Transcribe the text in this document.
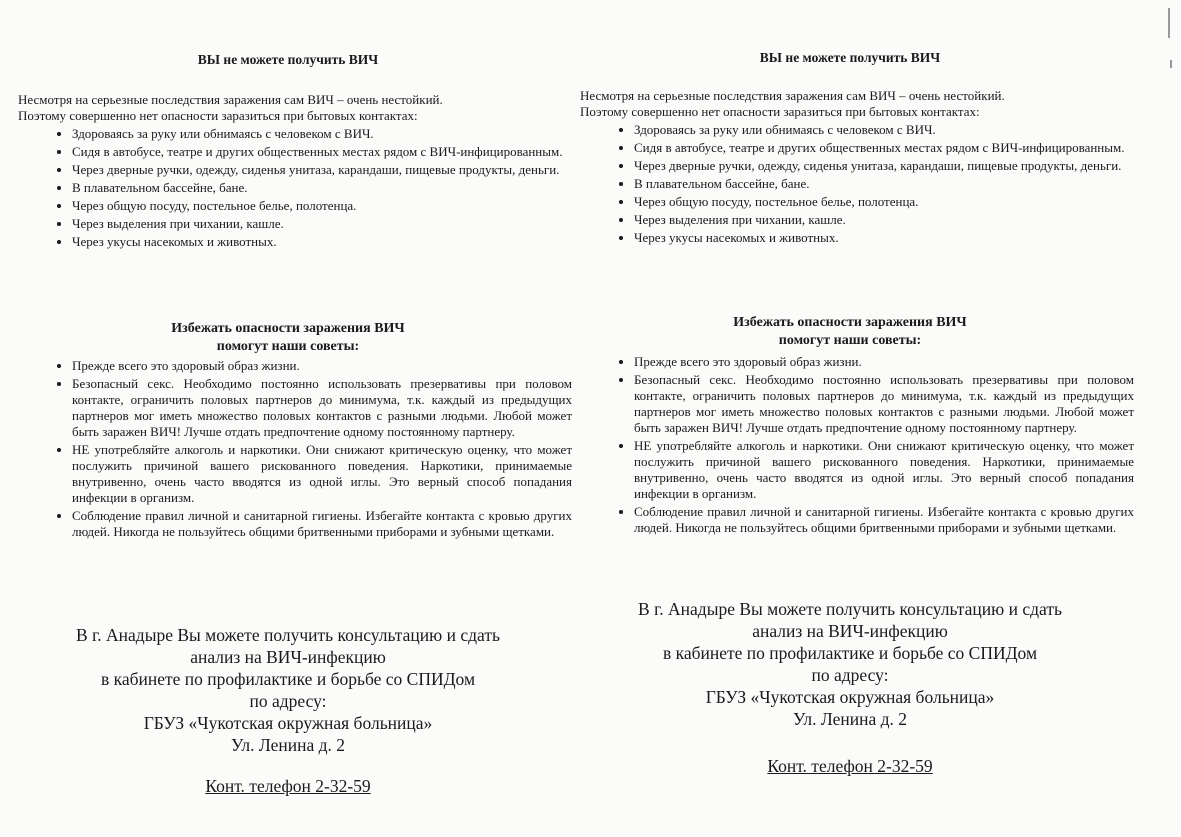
ВЫ не можете получить ВИЧ
Несмотря на серьезные последствия заражения сам ВИЧ – очень нестойкий.
Поэтому совершенно нет опасности заразиться при бытовых контактах:
• Здороваясь за руку или обнимаясь с человеком с ВИЧ.
• Сидя в автобусе, театре и других общественных местах рядом с ВИЧ-инфицированным.
• Через дверные ручки, одежду, сиденья унитаза, карандаши, пищевые продукты, деньги.
• В плавательном бассейне, бане.
• Через общую посуду, постельное белье, полотенца.
• Через выделения при чихании, кашле.
• Через укусы насекомых и животных.
Избежать опасности заражения ВИЧ
помогут наши советы:
• Прежде всего это здоровый образ жизни.
• Безопасный секс. Необходимо постоянно использовать презервативы при половом контакте, ограничить половых партнеров до минимума, т.к. каждый из предыдущих партнеров мог иметь множество половых контактов с разными людьми. Любой может быть заражен ВИЧ! Лучше отдать предпочтение одному постоянному партнеру.
• НЕ употребляйте алкоголь и наркотики. Они снижают критическую оценку, что может послужить причиной вашего рискованного поведения. Наркотики, принимаемые внутривенно, очень часто вводятся из одной иглы. Это верный способ попадания инфекции в организм.
• Соблюдение правил личной и санитарной гигиены. Избегайте контакта с кровью других людей. Никогда не пользуйтесь общими бритвенными приборами и зубными щетками.
В г. Анадыре Вы можете получить консультацию и сдать
анализ на ВИЧ-инфекцию
в кабинете по профилактике и борьбе со СПИДом
по адресу:
ГБУЗ «Чукотская окружная больница»
Ул. Ленина д. 2
Конт. телефон 2-32-59
ВЫ не можете получить ВИЧ
Несмотря на серьезные последствия заражения сам ВИЧ – очень нестойкий.
Поэтому совершенно нет опасности заразиться при бытовых контактах:
• Здороваясь за руку или обнимаясь с человеком с ВИЧ.
• Сидя в автобусе, театре и других общественных местах рядом с ВИЧ-инфицированным.
• Через дверные ручки, одежду, сиденья унитаза, карандаши, пищевые продукты, деньги.
• В плавательном бассейне, бане.
• Через общую посуду, постельное белье, полотенца.
• Через выделения при чихании, кашле.
• Через укусы насекомых и животных.
Избежать опасности заражения ВИЧ
помогут наши советы:
• Прежде всего это здоровый образ жизни.
• Безопасный секс. Необходимо постоянно использовать презервативы при половом контакте, ограничить половых партнеров до минимума, т.к. каждый из предыдущих партнеров мог иметь множество половых контактов с разными людьми. Любой может быть заражен ВИЧ! Лучше отдать предпочтение одному постоянному партнеру.
• НЕ употребляйте алкоголь и наркотики. Они снижают критическую оценку, что может послужить причиной вашего рискованного поведения. Наркотики, принимаемые внутривенно, очень часто вводятся из одной иглы. Это верный способ попадания инфекции в организм.
• Соблюдение правил личной и санитарной гигиены. Избегайте контакта с кровью других людей. Никогда не пользуйтесь общими бритвенными приборами и зубными щетками.
В г. Анадыре Вы можете получить консультацию и сдать
анализ на ВИЧ-инфекцию
в кабинете по профилактике и борьбе со СПИДом
по адресу:
ГБУЗ «Чукотская окружная больница»
Ул. Ленина д. 2
Конт. телефон 2-32-59
